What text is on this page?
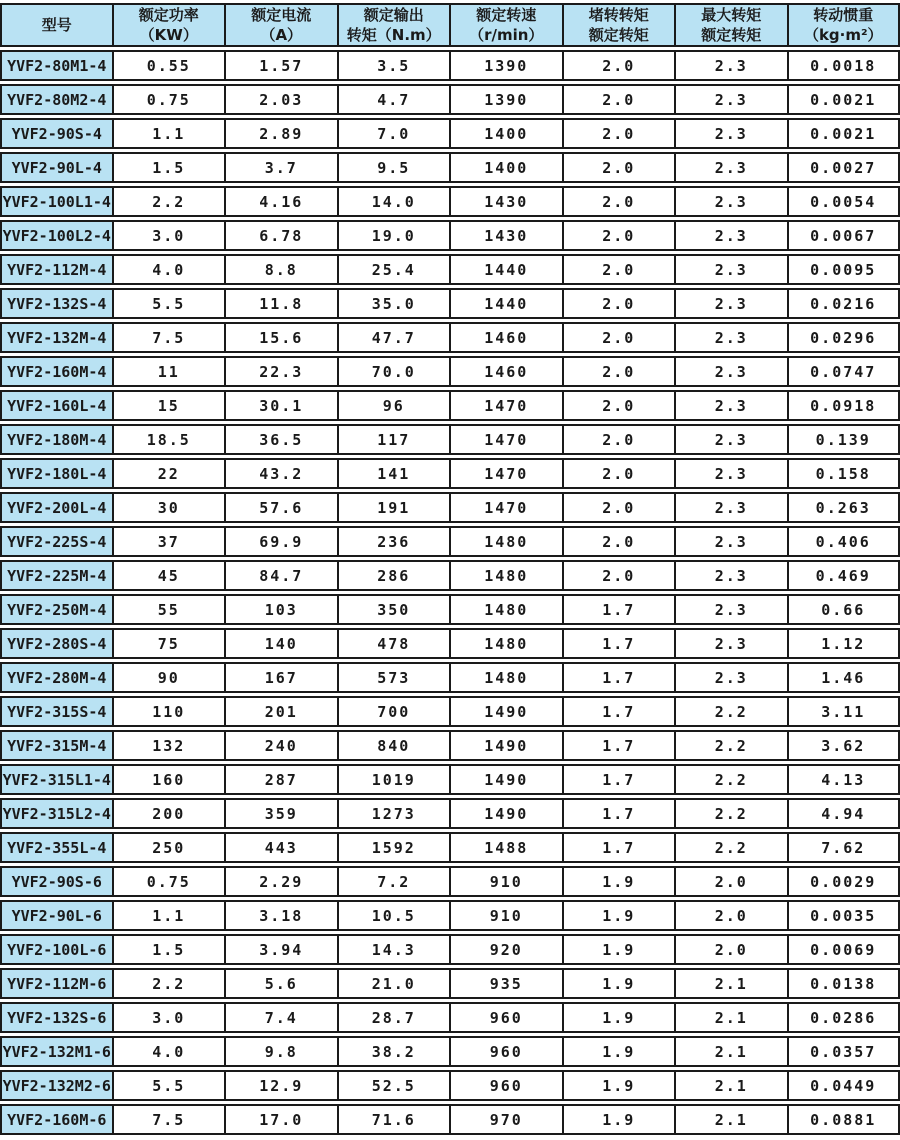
型号

额定功率
（KW）

额定电流
（A）

额定输出
转矩（N.m）

额定转速
（r/min）

堵转转矩
额定转矩

最大转矩
额定转矩

转动惯重
（kg·m²）

YVF2-80M1-4	0.55	1.57	3.5	1390	2.0	2.3	0.0018
YVF2-80M2-4	0.75	2.03	4.7	1390	2.0	2.3	0.0021
YVF2-90S-4	1.1	2.89	7.0	1400	2.0	2.3	0.0021
YVF2-90L-4	1.5	3.7	9.5	1400	2.0	2.3	0.0027
YVF2-100L1-4	2.2	4.16	14.0	1430	2.0	2.3	0.0054
YVF2-100L2-4	3.0	6.78	19.0	1430	2.0	2.3	0.0067
YVF2-112M-4	4.0	8.8	25.4	1440	2.0	2.3	0.0095
YVF2-132S-4	5.5	11.8	35.0	1440	2.0	2.3	0.0216
YVF2-132M-4	7.5	15.6	47.7	1460	2.0	2.3	0.0296
YVF2-160M-4	11	22.3	70.0	1460	2.0	2.3	0.0747
YVF2-160L-4	15	30.1	96	1470	2.0	2.3	0.0918
YVF2-180M-4	18.5	36.5	117	1470	2.0	2.3	0.139
YVF2-180L-4	22	43.2	141	1470	2.0	2.3	0.158
YVF2-200L-4	30	57.6	191	1470	2.0	2.3	0.263
YVF2-225S-4	37	69.9	236	1480	2.0	2.3	0.406
YVF2-225M-4	45	84.7	286	1480	2.0	2.3	0.469
YVF2-250M-4	55	103	350	1480	1.7	2.3	0.66
YVF2-280S-4	75	140	478	1480	1.7	2.3	1.12
YVF2-280M-4	90	167	573	1480	1.7	2.3	1.46
YVF2-315S-4	110	201	700	1490	1.7	2.2	3.11
YVF2-315M-4	132	240	840	1490	1.7	2.2	3.62
YVF2-315L1-4	160	287	1019	1490	1.7	2.2	4.13
YVF2-315L2-4	200	359	1273	1490	1.7	2.2	4.94
YVF2-355L-4	250	443	1592	1488	1.7	2.2	7.62
YVF2-90S-6	0.75	2.29	7.2	910	1.9	2.0	0.0029
YVF2-90L-6	1.1	3.18	10.5	910	1.9	2.0	0.0035
YVF2-100L-6	1.5	3.94	14.3	920	1.9	2.0	0.0069
YVF2-112M-6	2.2	5.6	21.0	935	1.9	2.1	0.0138
YVF2-132S-6	3.0	7.4	28.7	960	1.9	2.1	0.0286
YVF2-132M1-6	4.0	9.8	38.2	960	1.9	2.1	0.0357
YVF2-132M2-6	5.5	12.9	52.5	960	1.9	2.1	0.0449
YVF2-160M-6	7.5	17.0	71.6	970	1.9	2.1	0.0881
